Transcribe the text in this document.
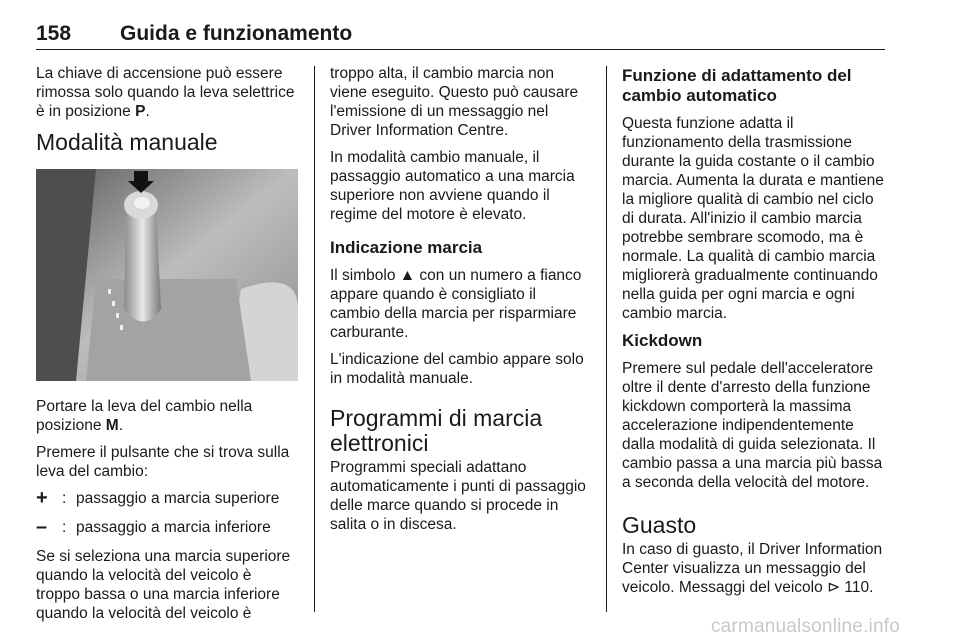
158 Guida e funzionamento

La chiave di accensione può essere rimossa solo quando la leva selettrice è in posizione P.

Modalità manuale

Portare la leva del cambio nella posizione M.

Premere il pulsante che si trova sulla leva del cambio:

+ : passaggio a marcia superiore
– : passaggio a marcia inferiore

Se si seleziona una marcia superiore quando la velocità del veicolo è troppo bassa o una marcia inferiore quando la velocità del veicolo è

troppo alta, il cambio marcia non viene eseguito. Questo può causare l'emissione di un messaggio nel Driver Information Centre.

In modalità cambio manuale, il passaggio automatico a una marcia superiore non avviene quando il regime del motore è elevato.

Indicazione marcia

Il simbolo ▲ con un numero a fianco appare quando è consigliato il cambio della marcia per risparmiare carburante.

L'indicazione del cambio appare solo in modalità manuale.

Programmi di marcia elettronici

Programmi speciali adattano automaticamente i punti di passaggio delle marce quando si procede in salita o in discesa.

Funzione di adattamento del cambio automatico

Questa funzione adatta il funzionamento della trasmissione durante la guida costante o il cambio marcia. Aumenta la durata e mantiene la migliore qualità di cambio nel ciclo di durata. All'inizio il cambio marcia potrebbe sembrare scomodo, ma è normale. La qualità di cambio marcia migliorerà gradualmente continuando nella guida per ogni marcia e ogni cambio marcia.

Kickdown

Premere sul pedale dell'acceleratore oltre il dente d'arresto della funzione kickdown comporterà la massima accelerazione indipendentemente dalla modalità di guida selezionata. Il cambio passa a una marcia più bassa a seconda della velocità del motore.

Guasto

In caso di guasto, il Driver Information Center visualizza un messaggio del veicolo. Messaggi del veicolo ⊳ 110.

carmanualsonline.info
